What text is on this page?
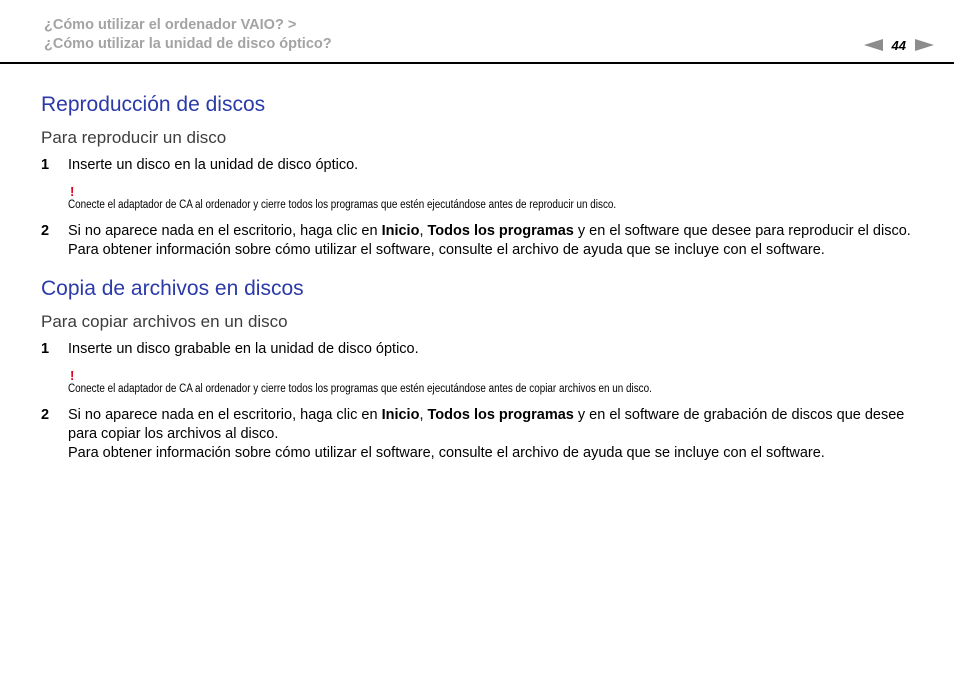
¿Cómo utilizar el ordenador VAIO? >
¿Cómo utilizar la unidad de disco óptico?	44
Reproducción de discos
Para reproducir un disco
1	Inserte un disco en la unidad de disco óptico.
!
Conecte el adaptador de CA al ordenador y cierre todos los programas que estén ejecutándose antes de reproducir un disco.
2	Si no aparece nada en el escritorio, haga clic en Inicio, Todos los programas y en el software que desee para reproducir el disco.
Para obtener información sobre cómo utilizar el software, consulte el archivo de ayuda que se incluye con el software.
Copia de archivos en discos
Para copiar archivos en un disco
1	Inserte un disco grabable en la unidad de disco óptico.
!
Conecte el adaptador de CA al ordenador y cierre todos los programas que estén ejecutándose antes de copiar archivos en un disco.
2	Si no aparece nada en el escritorio, haga clic en Inicio, Todos los programas y en el software de grabación de discos que desee para copiar los archivos al disco.
Para obtener información sobre cómo utilizar el software, consulte el archivo de ayuda que se incluye con el software.
